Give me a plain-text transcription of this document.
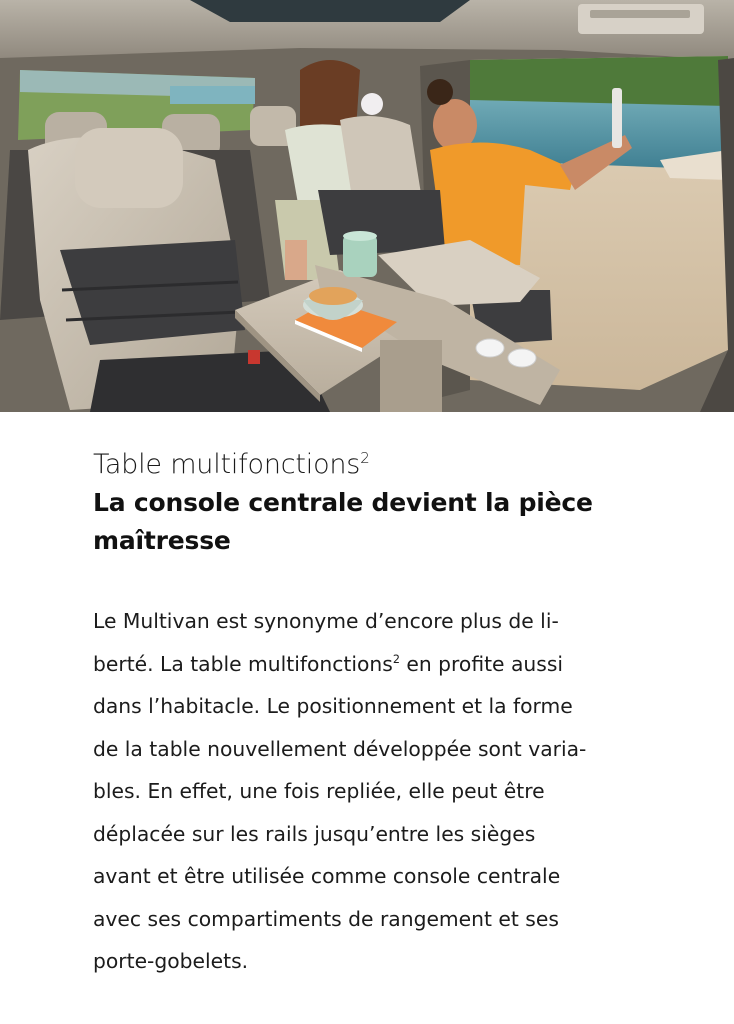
Table multifonctions$^2$
La console centrale devient la pièce
maîtresse
Le Multivan est synonyme d’encore plus de li-
berté. La table multifonctions$^2$ en profite aussi
dans l’habitacle. Le positionnement et la forme
de la table nouvellement développée sont varia-
bles. En effet, une fois repliée, elle peut être
déplacée sur les rails jusqu’entre les sièges
avant et être utilisée comme console centrale
avec ses compartiments de rangement et ses
porte-gobelets.
